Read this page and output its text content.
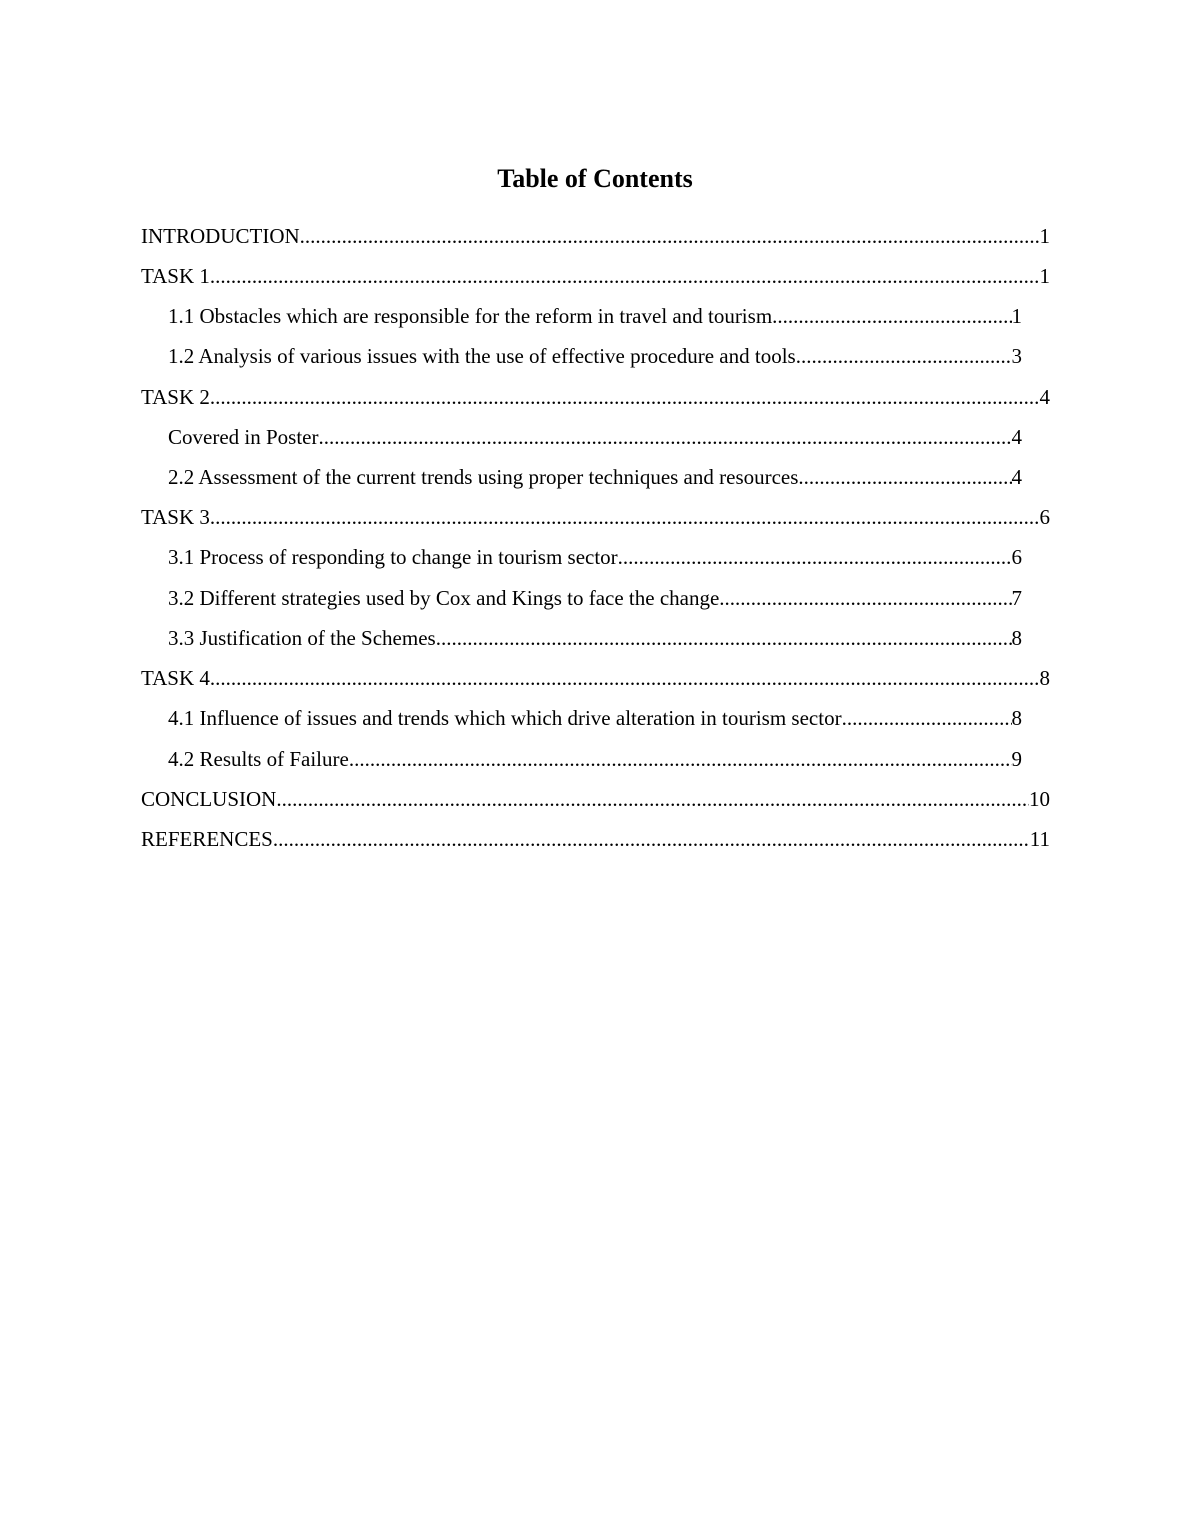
Table of Contents
INTRODUCTION .....	1
TASK 1 .....	1
1.1 Obstacles which are responsible for the reform in travel and tourism .....	1
1.2 Analysis of various issues with the use of effective procedure and tools .....	3
TASK 2 .....	4
Covered in Poster .....	4
2.2 Assessment of the current trends using proper techniques and resources .....	4
TASK 3 .....	6
3.1 Process of responding to change in tourism sector .....	6
3.2 Different strategies used by Cox and Kings to face the change .....	7
3.3 Justification of the Schemes .....	8
TASK 4 .....	8
4.1 Influence of issues and trends which which drive alteration in tourism sector .....	8
4.2 Results of Failure .....	9
CONCLUSION .....	10
REFERENCES .....	11
